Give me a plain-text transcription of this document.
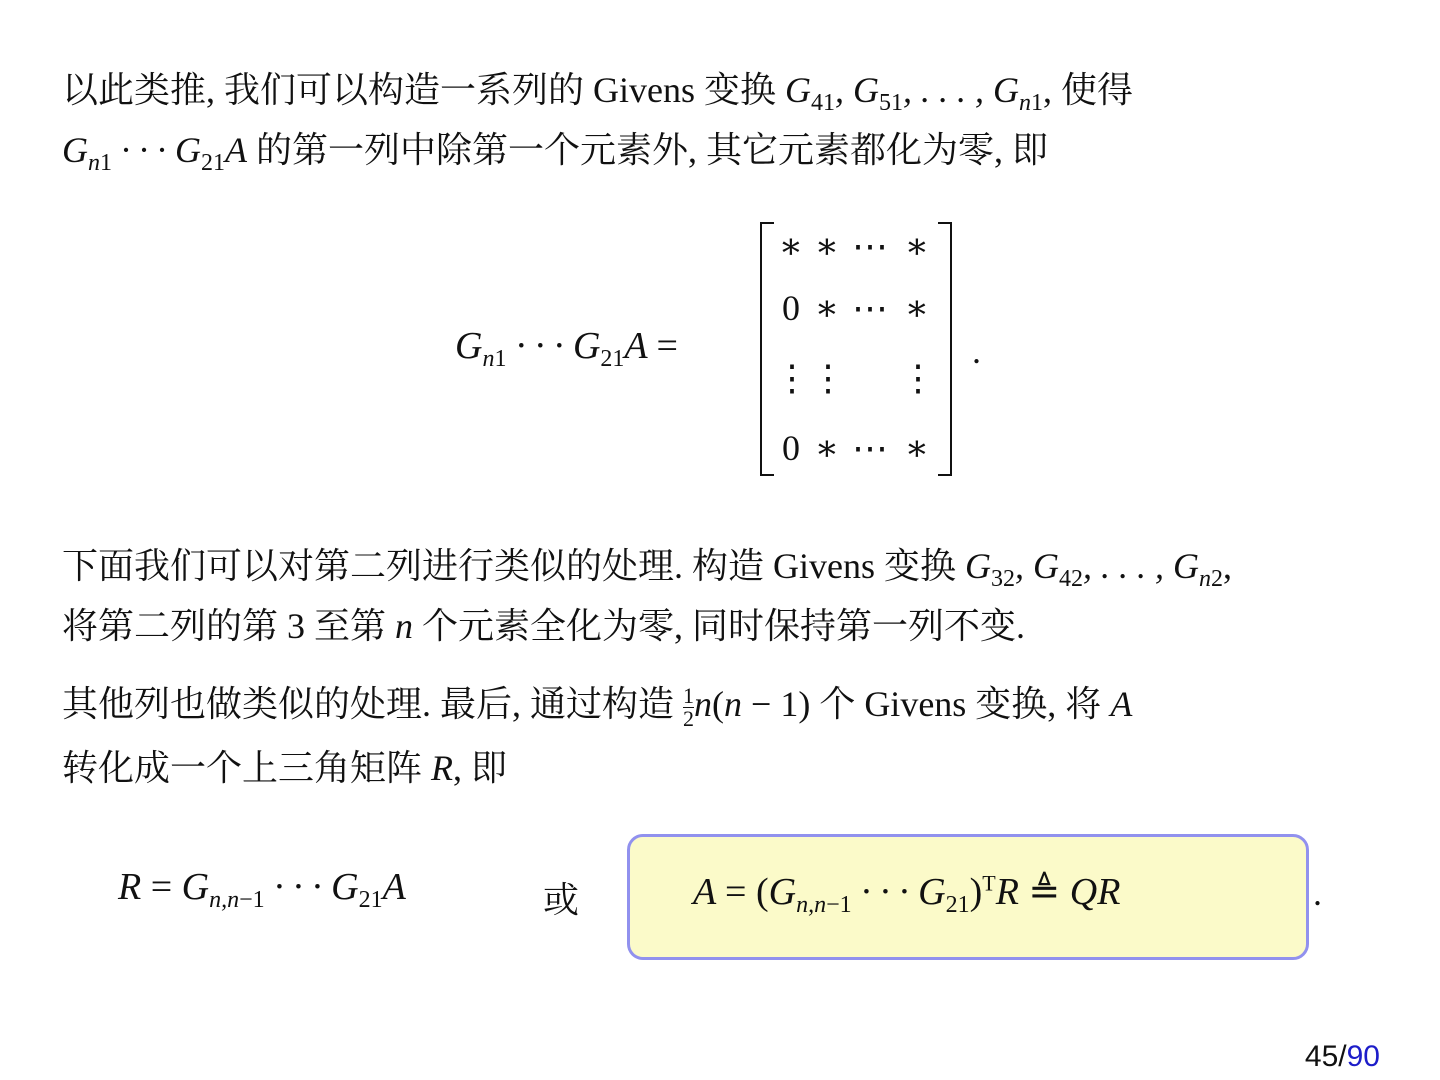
以此类推, 我们可以构造一系列的 Givens 变换 $G_{41}$, $G_{51}$, . . . , $G_{n1}$, 使得
$G_{n1}$ · · · $G_{21}A$ 的第一列中除第一个元素外, 其它元素都化为零, 即
$G_{n1}$ · · · $G_{21}A$ =
∗ ∗ ⋯ ∗
0 ∗ ⋯ ∗
⋮ ⋮ ⋮
0 ∗ ⋯ ∗
.
下面我们可以对第二列进行类似的处理. 构造 Givens 变换 $G_{32}$, $G_{42}$, . . . , $G_{n2}$,
将第二列的第 3 至第 n 个元素全化为零, 同时保持第一列不变.
其他列也做类似的处理. 最后, 通过构造 $\frac{1}{2} n(n - 1)$ 个 Givens 变换, 将 A
转化成一个上三角矩阵 R, 即
$R = G_{n,n-1}$ · · · $G_{21}A$	或	$A = (G_{n,n-1}$ · · · $G_{21})^TR$ ≜ QR	.
45/90
